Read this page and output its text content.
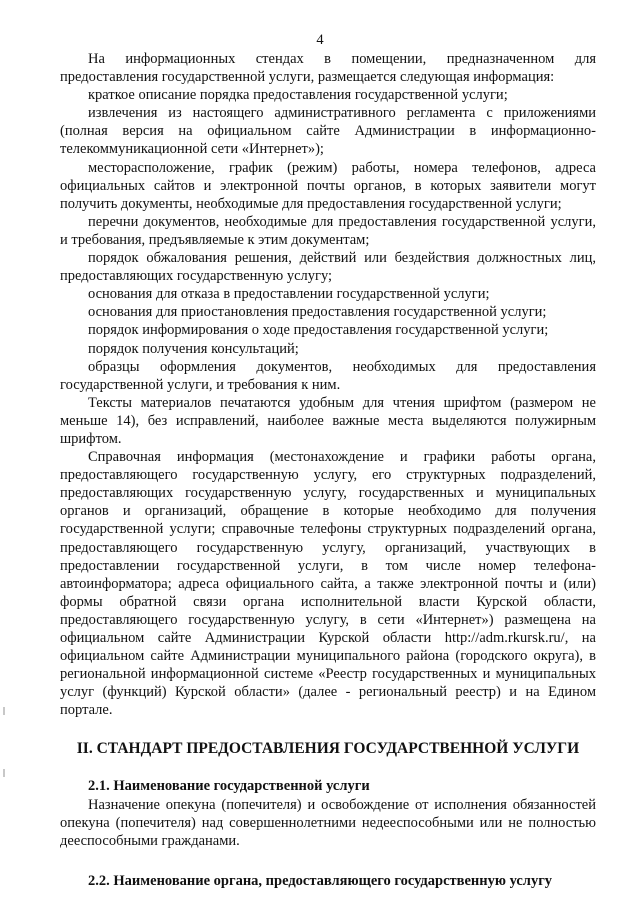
4

На информационных стендах в помещении, предназначенном для предоставления государственной услуги, размещается следующая информация:

краткое описание порядка предоставления государственной услуги;

извлечения из настоящего административного регламента с приложениями (полная версия на официальном сайте Администрации в информационно-телекоммуникационной сети «Интернет»);

месторасположение, график (режим) работы, номера телефонов, адреса официальных сайтов и электронной почты органов, в которых заявители могут получить документы, необходимые для предоставления государственной услуги;

перечни документов, необходимые для предоставления государственной услуги, и требования, предъявляемые к этим документам;

порядок обжалования решения, действий или бездействия должностных лиц, предоставляющих государственную услугу;

основания для отказа в предоставлении государственной услуги;

основания для приостановления предоставления государственной услуги;

порядок информирования о ходе предоставления государственной услуги;

порядок получения консультаций;

образцы оформления документов, необходимых для предоставления государственной услуги, и требования к ним.

Тексты материалов печатаются удобным для чтения шрифтом (размером не меньше 14), без исправлений, наиболее важные места выделяются полужирным шрифтом.

Справочная информация (местонахождение и графики работы органа, предоставляющего государственную услугу, его структурных подразделений, предоставляющих государственную услугу, государственных и муниципальных органов и организаций, обращение в которые необходимо для получения государственной услуги; справочные телефоны структурных подразделений органа, предоставляющего государственную услугу, организаций, участвующих в предоставлении государственной услуги, в том числе номер телефона-автоинформатора; адреса официального сайта, а также электронной почты и (или) формы обратной связи органа исполнительной власти Курской области, предоставляющего государственную услугу, в сети «Интернет») размещена на официальном сайте Администрации Курской области http://adm.rkursk.ru/, на официальном сайте Администрации муниципального района (городского округа), в региональной информационной системе «Реестр государственных и муниципальных услуг (функций) Курской области» (далее - региональный реестр) и на Едином портале.

II. СТАНДАРТ ПРЕДОСТАВЛЕНИЯ ГОСУДАРСТВЕННОЙ УСЛУГИ
2.1. Наименование государственной услуги

Назначение опекуна (попечителя) и освобождение от исполнения обязанностей опекуна (попечителя) над совершеннолетними недееспособными или не полностью дееспособными гражданами.

2.2. Наименование органа, предоставляющего государственную услугу
